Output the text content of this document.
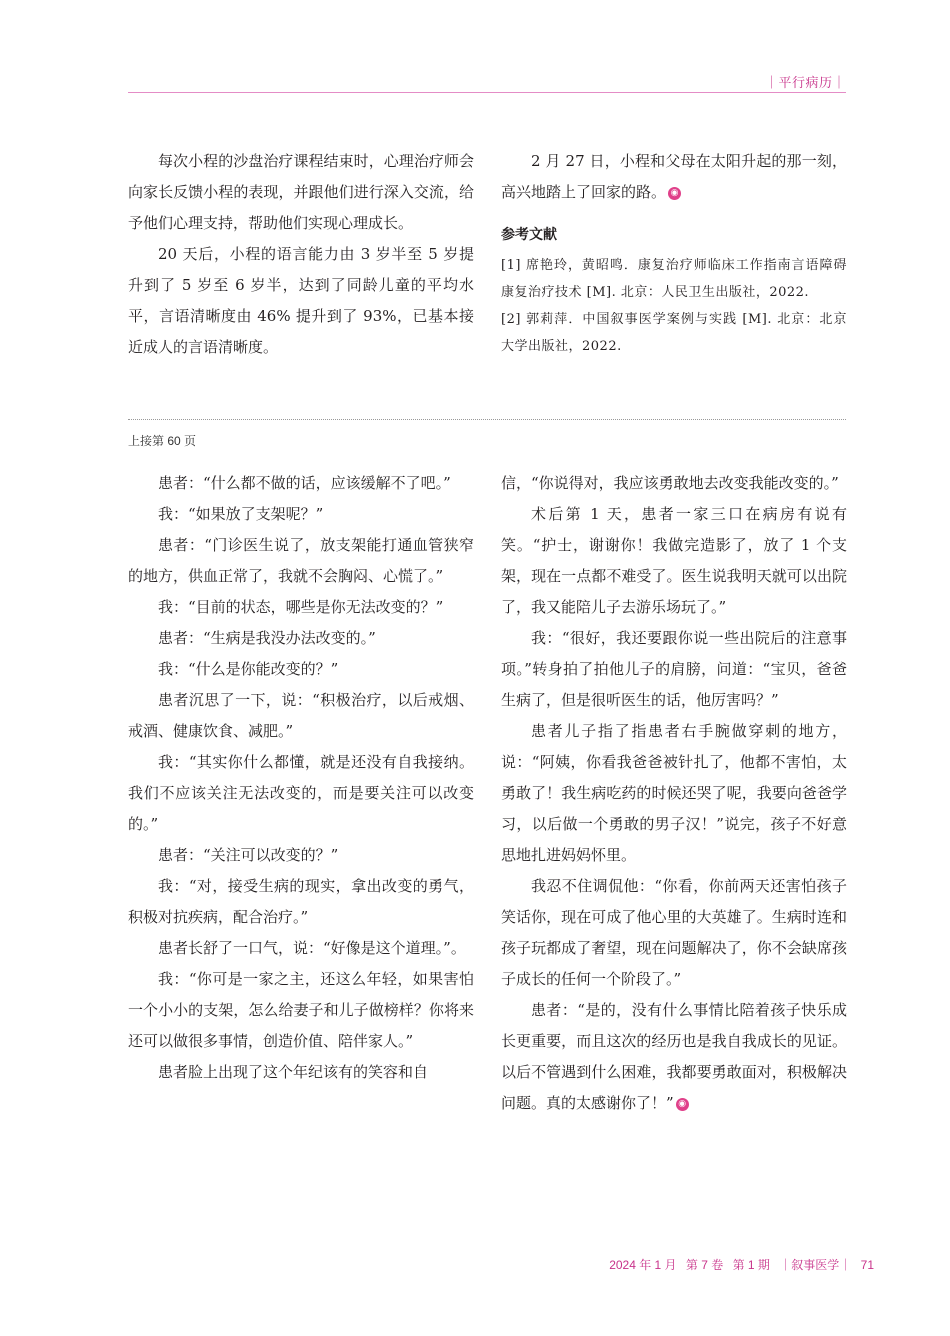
｜平行病历｜

每次小程的沙盘治疗课程结束时，心理治疗师会向家长反馈小程的表现，并跟他们进行深入交流，给予他们心理支持，帮助他们实现心理成长。

20 天后，小程的语言能力由 3 岁半至 5 岁提升到了 5 岁至 6 岁半，达到了同龄儿童的平均水平，言语清晰度由 46% 提升到了 93%，已基本接近成人的言语清晰度。

2 月 27 日，小程和父母在太阳升起的那一刻，高兴地踏上了回家的路。 ◉

参考文献
[1] 席艳玲，黄昭鸣．康复治疗师临床工作指南言语障碍康复治疗技术 [M]. 北京：人民卫生出版社，2022.
[2] 郭莉萍．中国叙事医学案例与实践 [M]. 北京：北京大学出版社，2022.
上接第 60 页

患者：“什么都不做的话，应该缓解不了吧。”

我：“如果放了支架呢？”

患者：“门诊医生说了，放支架能打通血管狭窄的地方，供血正常了，我就不会胸闷、心慌了。”

我：“目前的状态，哪些是你无法改变的？”

患者：“生病是我没办法改变的。”

我：“什么是你能改变的？”

患者沉思了一下，说：“积极治疗，以后戒烟、戒酒、健康饮食、减肥。”

我：“其实你什么都懂，就是还没有自我接纳。我们不应该关注无法改变的，而是要关注可以改变的。”

患者：“关注可以改变的？”

我：“对，接受生病的现实，拿出改变的勇气，积极对抗疾病，配合治疗。”

患者长舒了一口气，说：“好像是这个道理。”。

我：“你可是一家之主，还这么年轻，如果害怕一个小小的支架，怎么给妻子和儿子做榜样？你将来还可以做很多事情，创造价值、陪伴家人。”

患者脸上出现了这个年纪该有的笑容和自

信，“你说得对，我应该勇敢地去改变我能改变的。”

术后第 1 天，患者一家三口在病房有说有笑。“护士，谢谢你！我做完造影了，放了 1 个支架，现在一点都不难受了。医生说我明天就可以出院了，我又能陪儿子去游乐场玩了。”

我：“很好，我还要跟你说一些出院后的注意事项。”转身拍了拍他儿子的肩膀，问道：“宝贝，爸爸生病了，但是很听医生的话，他厉害吗？”

患者儿子指了指患者右手腕做穿刺的地方，说：“阿姨，你看我爸爸被针扎了，他都不害怕，太勇敢了！我生病吃药的时候还哭了呢，我要向爸爸学习，以后做一个勇敢的男子汉！”说完，孩子不好意思地扎进妈妈怀里。

我忍不住调侃他：“你看，你前两天还害怕孩子笑话你，现在可成了他心里的大英雄了。生病时连和孩子玩都成了奢望，现在问题解决了，你不会缺席孩子成长的任何一个阶段了。”

患者：“是的，没有什么事情比陪着孩子快乐成长更重要，而且这次的经历也是我自我成长的见证。以后不管遇到什么困难，我都要勇敢面对，积极解决问题。真的太感谢你了！” ◉

2024 年 1 月 第 7 卷 第 1 期 ｜叙事医学｜ 71
